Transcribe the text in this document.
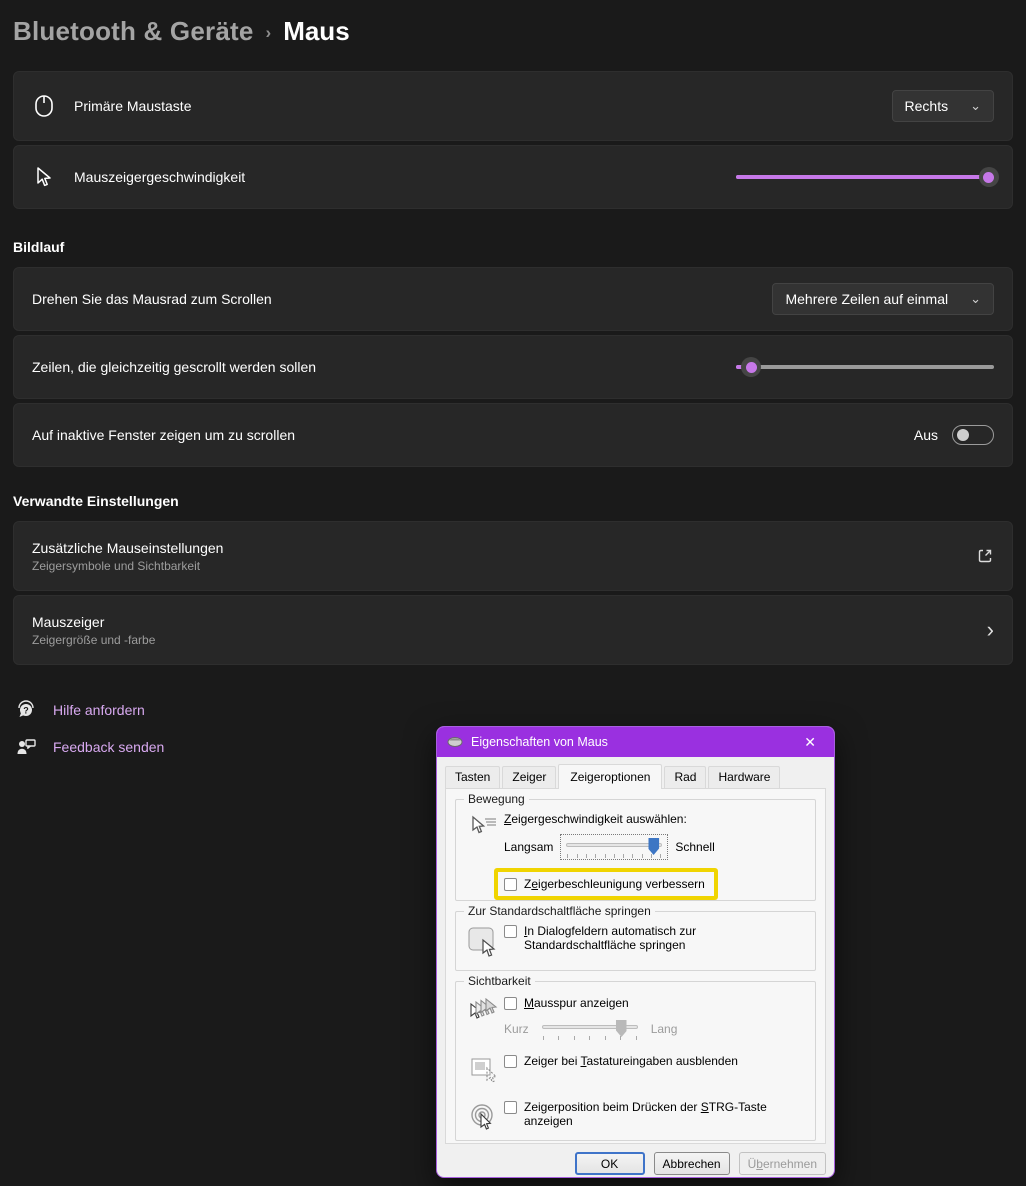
Bluetooth & Geräte › Maus
Primäre Maustaste	Rechts ⌄
Mauszeigergeschwindigkeit
Bildlauf
Drehen Sie das Mausrad zum Scrollen	Mehrere Zeilen auf einmal ⌄
Zeilen, die gleichzeitig gescrollt werden sollen
Auf inaktive Fenster zeigen um zu scrollen	Aus
Verwandte Einstellungen
Zusätzliche Mauseinstellungen
Zeigersymbole und Sichtbarkeit
Mauszeiger
Zeigergröße und -farbe	›
? Hilfe anfordern
Feedback senden	Eigenschaften von Maus	✕
Tasten	Zeiger	Zeigeroptionen	Rad	Hardware
Bewegung
Zeigergeschwindigkeit auswählen:
Langsam	Schnell
Zeigerbeschleunigung verbessern
Zur Standardschaltfläche springen
In Dialogfeldern automatisch zur Standardschaltfläche springen
Sichtbarkeit
Mausspur anzeigen
Kurz	Lang
Zeiger bei Tastatureingaben ausblenden
Zeigerposition beim Drücken der STRG-Taste anzeigen
OK	Abbrechen	Ü b ernehmen
